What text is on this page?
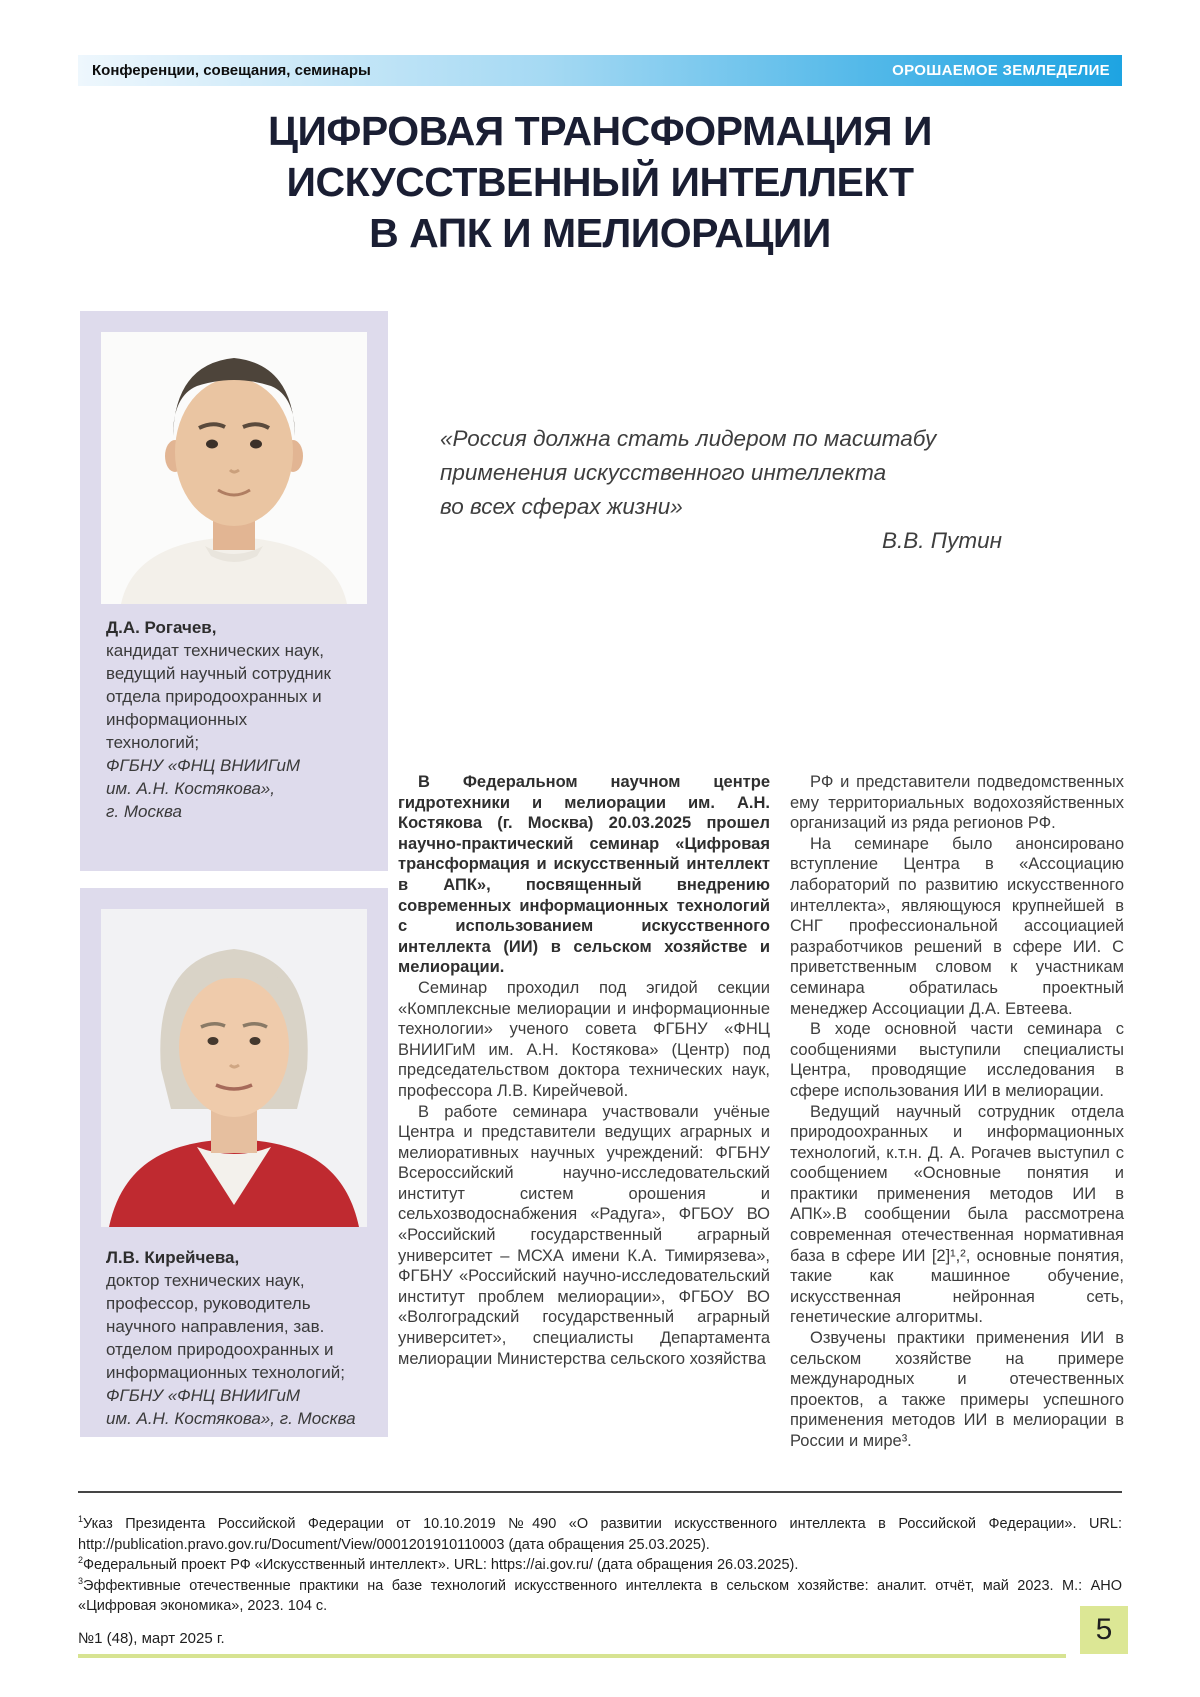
Конференции, совещания, семинары	ОРОШАЕМОЕ ЗЕМЛЕДЕЛИЕ
ЦИФРОВАЯ ТРАНСФОРМАЦИЯ И
ИСКУССТВЕННЫЙ ИНТЕЛЛЕКТ
В АПК И МЕЛИОРАЦИИ
Д.А. Рогачев,
кандидат технических наук,
ведущий научный сотрудник
отдела природоохранных и
информационных
технологий;
ФГБНУ «ФНЦ ВНИИГиМ
им. А.Н. Костякова»,
г. Москва
Л.В. Кирейчева,
доктор технических наук,
профессор, руководитель
научного направления, зав.
отделом природоохранных и
информационных технологий;
ФГБНУ «ФНЦ ВНИИГиМ
им. А.Н. Костякова», г. Москва
«Россия должна стать лидером по масштабу
применения искусственного интеллекта
во всех сферах жизни»
В.В. Путин

В Федеральном научном центре гидротехники и мелиорации им. А.Н. Костякова (г. Москва) 20.03.2025 прошел научно-практический семинар «Цифровая трансформация и искусственный интеллект в АПК», посвященный внедрению современных информационных технологий с использованием искусственного интеллекта (ИИ) в сельском хозяйстве и мелиорации.

Семинар проходил под эгидой секции «Комплексные мелиорации и информационные технологии» ученого совета ФГБНУ «ФНЦ ВНИИГиМ им. А.Н. Костякова» (Центр) под председательством доктора технических наук, профессора Л.В. Кирейчевой.

В работе семинара участвовали учёные Центра и представители ведущих аграрных и мелиоративных научных учреждений: ФГБНУ Всероссийский научно-исследовательский институт систем орошения и сельхозводоснабжения «Радуга», ФГБОУ ВО «Российский государственный аграрный университет – МСХА имени К.А. Тимирязева», ФГБНУ «Российский научно-исследовательский институт проблем мелиорации», ФГБОУ ВО «Волгоградский государственный аграрный университет», специалисты Департамента мелиорации Министерства сельского хозяйства

РФ и представители подведомственных ему территориальных водохозяйственных организаций из ряда регионов РФ.

На семинаре было анонсировано вступление Центра в «Ассоциацию лабораторий по развитию искусственного интеллекта», являющуюся крупнейшей в СНГ профессиональной ассоциацией разработчиков решений в сфере ИИ. С приветственным словом к участникам семинара обратилась проектный менеджер Ассоциации Д.А. Евтеева.

В ходе основной части семинара с сообщениями выступили специалисты Центра, проводящие исследования в сфере использования ИИ в мелиорации.

Ведущий научный сотрудник отдела природоохранных и информационных технологий, к.т.н. Д. А. Рогачев выступил с сообщением «Основные понятия и практики применения методов ИИ в АПК».В сообщении была рассмотрена современная отечественная нормативная база в сфере ИИ [2]¹,², основные понятия, такие как машинное обучение, искусственная нейронная сеть, генетические алгоритмы.

Озвучены практики применения ИИ в сельском хозяйстве на примере международных и отечественных проектов, а также примеры успешного применения методов ИИ в мелиорации в России и мире³.

$^1$Указ Президента Российской Федерации от 10.10.2019 №490 «О развитии искусственного интеллекта в Российской Федерации». URL: http://publication.pravo.gov.ru/Document/View/0001201910110003 (дата обращения 25.03.2025).
$^2$Федеральный проект РФ «Искусственный интеллект». URL: https://ai.gov.ru/ (дата обращения 26.03.2025).
$^3$Эффективные отечественные практики на базе технологий искусственного интеллекта в сельском хозяйстве: аналит. отчёт, май 2023. М.: АНО «Цифровая экономика», 2023. 104 с.
№1 (48), март 2025 г.	5
